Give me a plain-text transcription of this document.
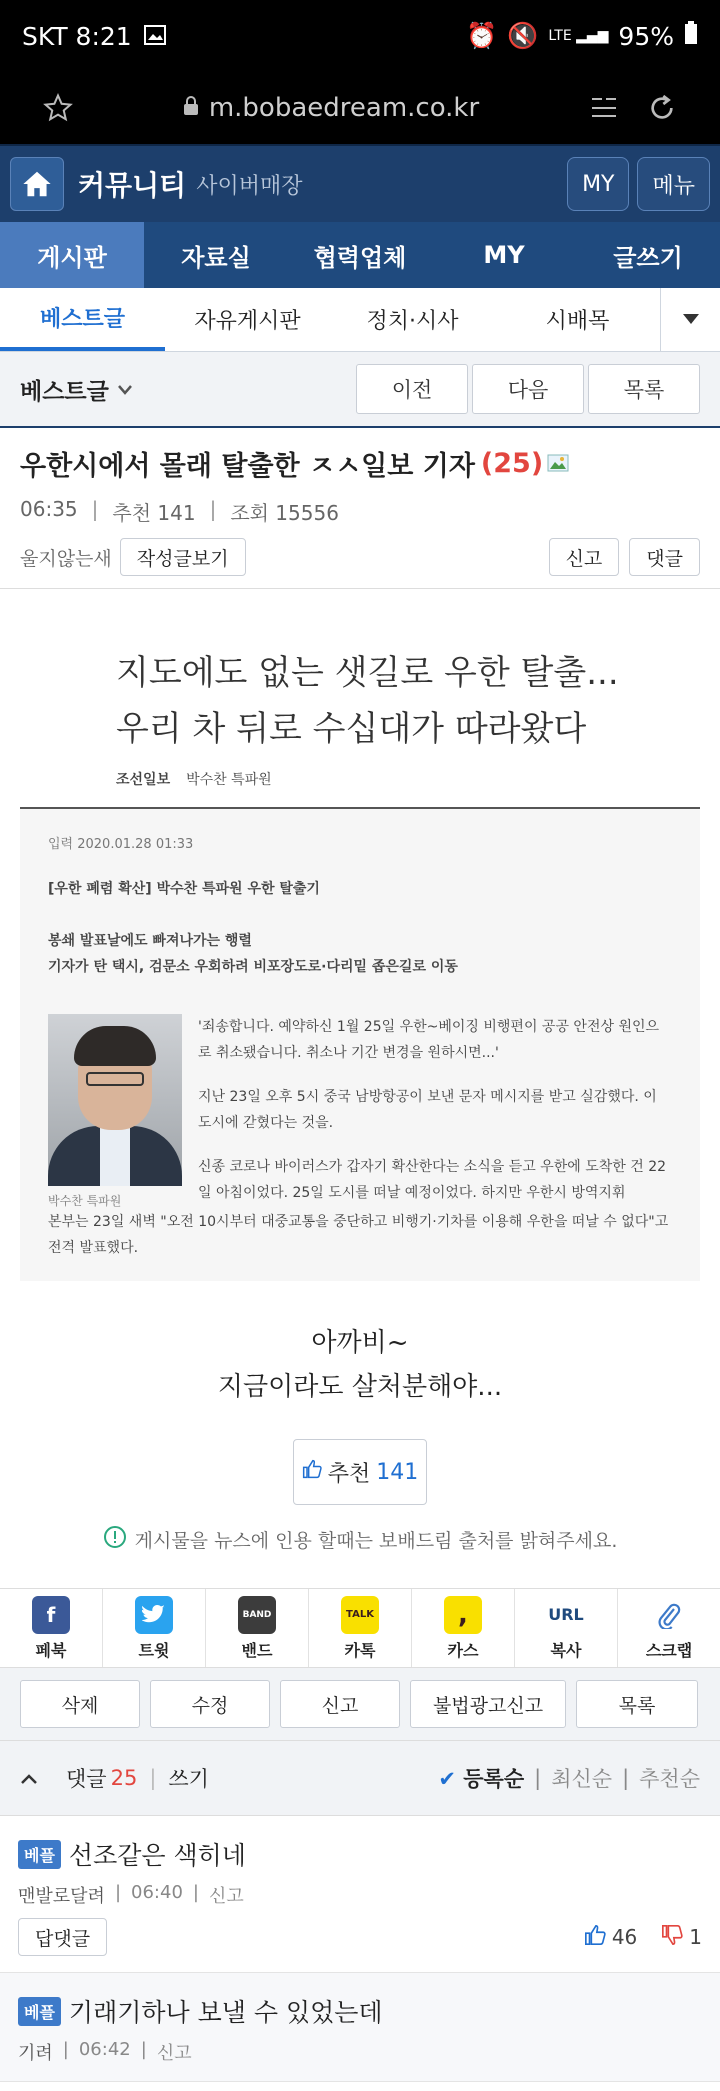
SKT 8:21	⏰ 🔇 LTE ▂▄▆ 95%
m.bobaedream.co.kr
커뮤니티 사이버매장	MY	메뉴
게시판	자료실	협력업체	MY	글쓰기
베스트글	자유게시판	정치·시사	시배목
베스트글	이전	다음	목록
우한시에서 몰래 탈출한 ㅈㅅ일보 기자 (25)
06:35 | 추천 141 | 조회 15556
울지않는새	작성글보기	신고	댓글
지도에도 없는 샛길로 우한 탈출...
우리 차 뒤로 수십대가 따라왔다
조선일보 박수찬 특파원
입력 2020.01.28 01:33
[우한 폐렴 확산] 박수찬 특파원 우한 탈출기
봉쇄 발표날에도 빠져나가는 행렬
기자가 탄 택시, 검문소 우회하려 비포장도로·다리밑 좁은길로 이동
박수찬 특파원

'죄송합니다. 예약하신 1월 25일 우한~베이징 비행편이 공공 안전상 원인으로 취소됐습니다. 취소나 기간 변경을 원하시면...'

지난 23일 오후 5시 중국 남방항공이 보낸 문자 메시지를 받고 실감했다. 이 도시에 갇혔다는 것을.

신종 코로나 바이러스가 갑자기 확산한다는 소식을 듣고 우한에 도착한 건 22일 아침이었다. 25일 도시를 떠날 예정이었다. 하지만 우한시 방역지휘

본부는 23일 새벽 "오전 10시부터 대중교통을 중단하고 비행기·기차를 이용해 우한을 떠날 수 없다"고 전격 발표했다.
아까비~
지금이라도 살처분해야...
추천 141
게시물을 뉴스에 인용 할때는 보배드림 출처를 밝혀주세요.
f
페북	트윗
BAND
밴드
TALK
카톡
,
카스
URL
복사	스크랩
삭제	수정	신고	불법광고신고	목록
댓글 25 | 쓰기	✔ 등록순 | 최신순 | 추천순
베플 선조같은 색히네
맨발로달려 | 06:40 | 신고
답댓글	46	1
베플 기래기하나 보낼 수 있었는데
기려 | 06:42 | 신고
